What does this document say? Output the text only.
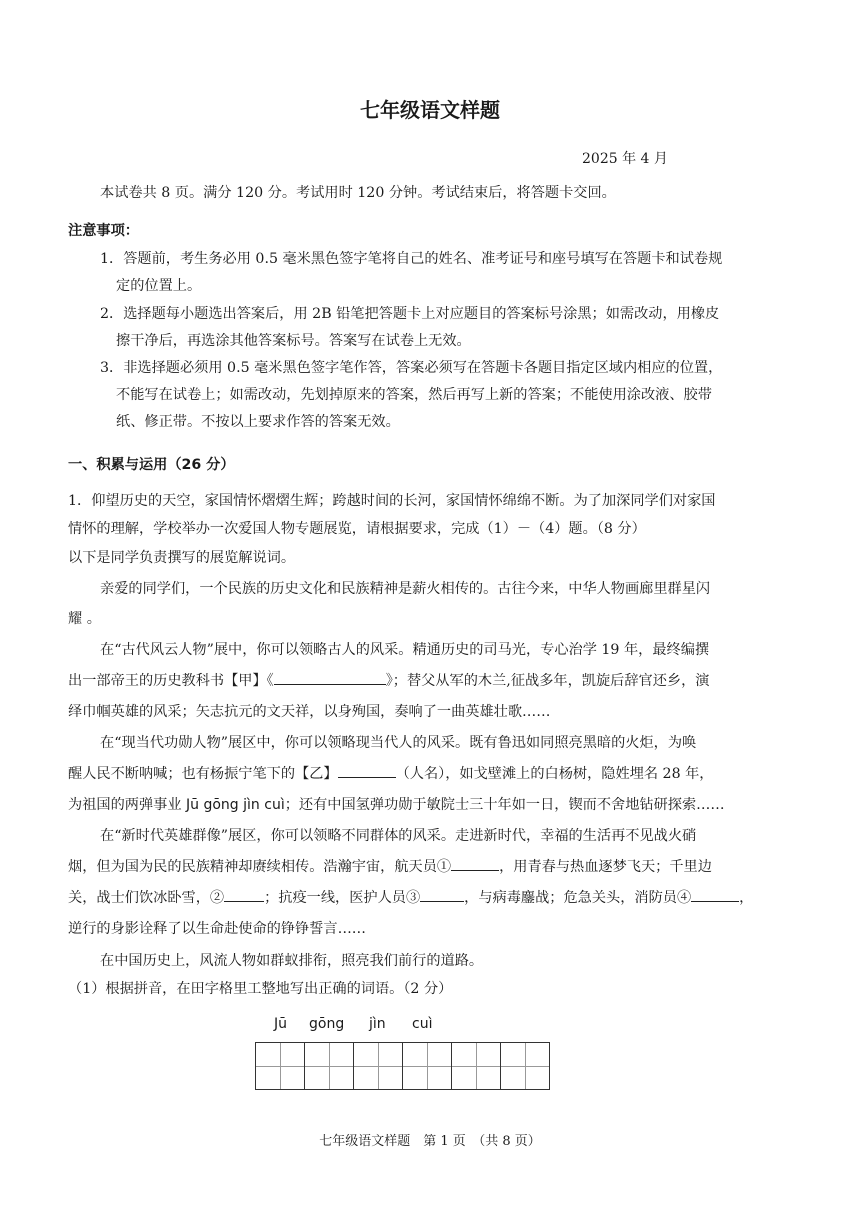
七年级语文样题
2025 年 4 月
本试卷共 8 页。满分 120 分。考试用时 120 分钟。考试结束后，将答题卡交回。
注意事项：
1．答题前，考生务必用 0.5 毫米黑色签字笔将自己的姓名、准考证号和座号填写在答题卡和试卷规
定的位置上。
2．选择题每小题选出答案后，用 2B 铅笔把答题卡上对应题目的答案标号涂黑；如需改动，用橡皮
擦干净后，再选涂其他答案标号。答案写在试卷上无效。
3．非选择题必须用 0.5 毫米黑色签字笔作答，答案必须写在答题卡各题目指定区域内相应的位置，
不能写在试卷上；如需改动，先划掉原来的答案，然后再写上新的答案；不能使用涂改液、胶带
纸、修正带。不按以上要求作答的答案无效。
一、积累与运用（26 分）
1．仰望历史的天空，家国情怀熠熠生辉；跨越时间的长河，家国情怀绵绵不断。为了加深同学们对家国
情怀的理解，学校举办一次爱国人物专题展览，请根据要求，完成（1）－（4）题。（8 分）
以下是同学负责撰写的展览解说词。
亲爱的同学们，一个民族的历史文化和民族精神是薪火相传的。古往今来，中华人物画廊里群星闪
耀 。
在“古代风云人物”展中，你可以领略古人的风采。精通历史的司马光，专心治学 19 年，最终编撰
出一部帝王的历史教科书【甲】《	》；替父从军的木兰,征战多年，凯旋后辞官还乡，演
绎巾帼英雄的风采；矢志抗元的文天祥，以身殉国，奏响了一曲英雄壮歌……
在“现当代功勋人物”展区中，你可以领略现当代人的风采。既有鲁迅如同照亮黑暗的火炬，为唤
醒人民不断呐喊；也有杨振宁笔下的【乙】	（人名），如戈壁滩上的白杨树，隐姓埋名 28 年，
为祖国的两弹事业 Jū gōng jìn cuì；还有中国氢弹功勋于敏院士三十年如一日，锲而不舍地钻研探索……
在“新时代英雄群像”展区，你可以领略不同群体的风采。走进新时代，幸福的生活再不见战火硝
烟，但为国为民的民族精神却赓续相传。浩瀚宇宙，航天员①	，用青春与热血逐梦飞天；千里边
关，战士们饮冰卧雪，②	；抗疫一线，医护人员③	，与病毒鏖战；危急关头，消防员④	，
逆行的身影诠释了以生命赴使命的铮铮誓言……
在中国历史上，风流人物如群蚁排衔，照亮我们前行的道路。
（1）根据拼音，在田字格里工整地写出正确的词语。（2 分）
Jū gōng jìn cuì
七年级语文样题　第 1 页　（共 8 页）
